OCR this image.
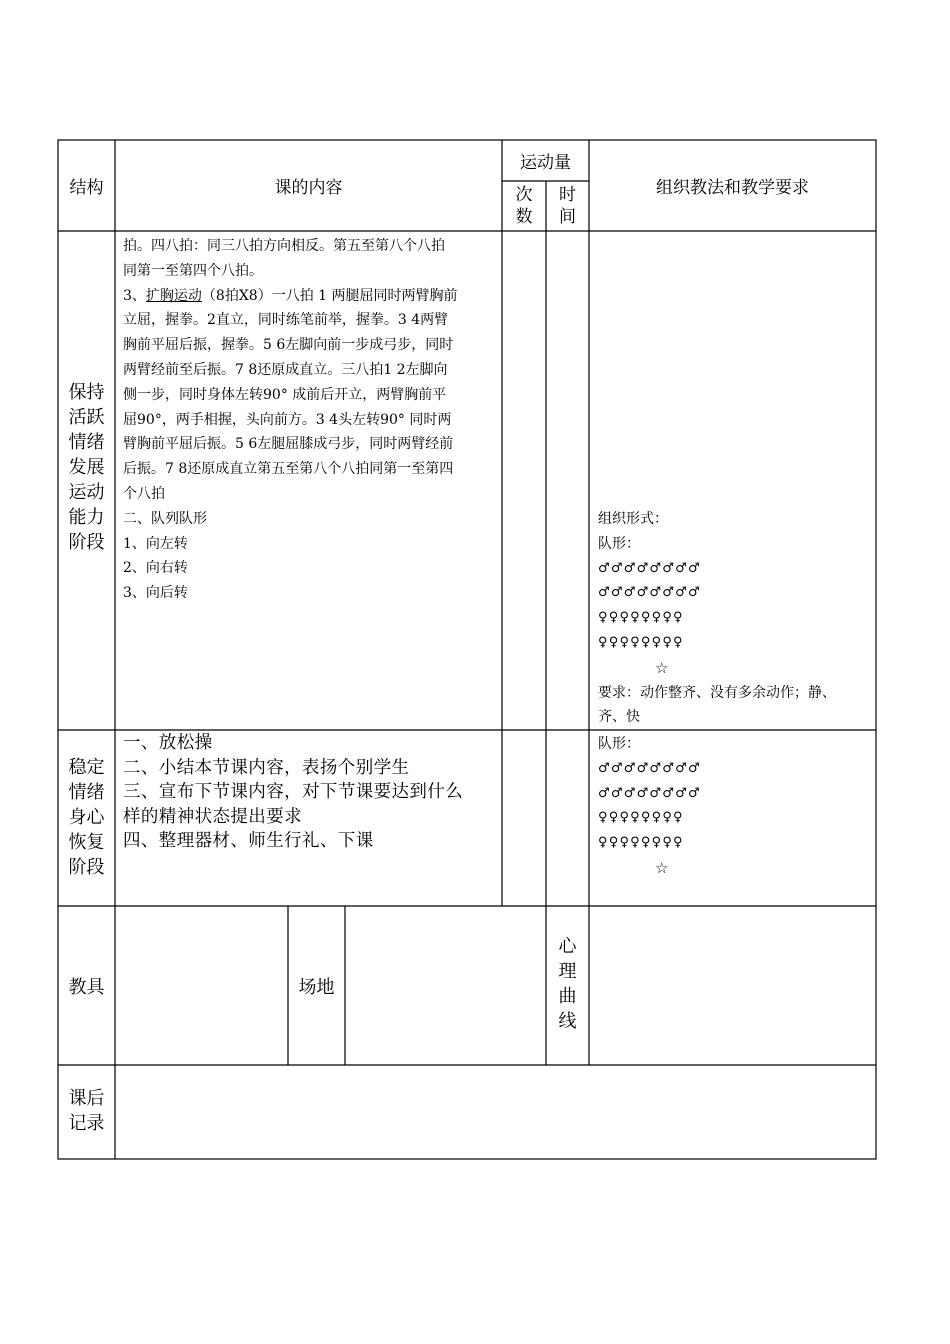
结构	课的内容
运动量
次
数
时
间
组织教法和教学要求
保持
活跃
情绪
发展
运动
能力
阶段
拍。四八拍：同三八拍方向相反。第五至第八个八拍
同第一至第四个八拍。
3、扩胸运动（8拍X8）一八拍 1 两腿屈同时两臂胸前
立屈，握拳。2直立，同时练笔前举，握拳。3 4两臂
胸前平屈后振，握拳。5 6左脚向前一步成弓步，同时
两臂经前至后振。7 8还原成直立。三八拍1 2左脚向
侧一步，同时身体左转90° 成前后开立，两臂胸前平
屈90°，两手相握，头向前方。3 4头左转90° 同时两
臂胸前平屈后振。5 6左腿屈膝成弓步，同时两臂经前
后振。7 8还原成直立第五至第八个八拍同第一至第四
个八拍
二、队列队形
1、向左转
2、向右转
3、向后转
组织形式：
队形：
♂♂♂♂♂♂♂♂
♂♂♂♂♂♂♂♂
♀♀♀♀♀♀♀♀
♀♀♀♀♀♀♀♀
☆
要求：动作整齐、没有多余动作；静、
齐、快
稳定
情绪
身心
恢复
阶段
一、放松操
二、小结本节课内容，表扬个别学生
三、宣布下节课内容，对下节课要达到什么
样的精神状态提出要求
四、整理器材、师生行礼、下课
队形：
♂♂♂♂♂♂♂♂
♂♂♂♂♂♂♂♂
♀♀♀♀♀♀♀♀
♀♀♀♀♀♀♀♀
☆
教具	场地
心
理
曲
线
课后
记录
